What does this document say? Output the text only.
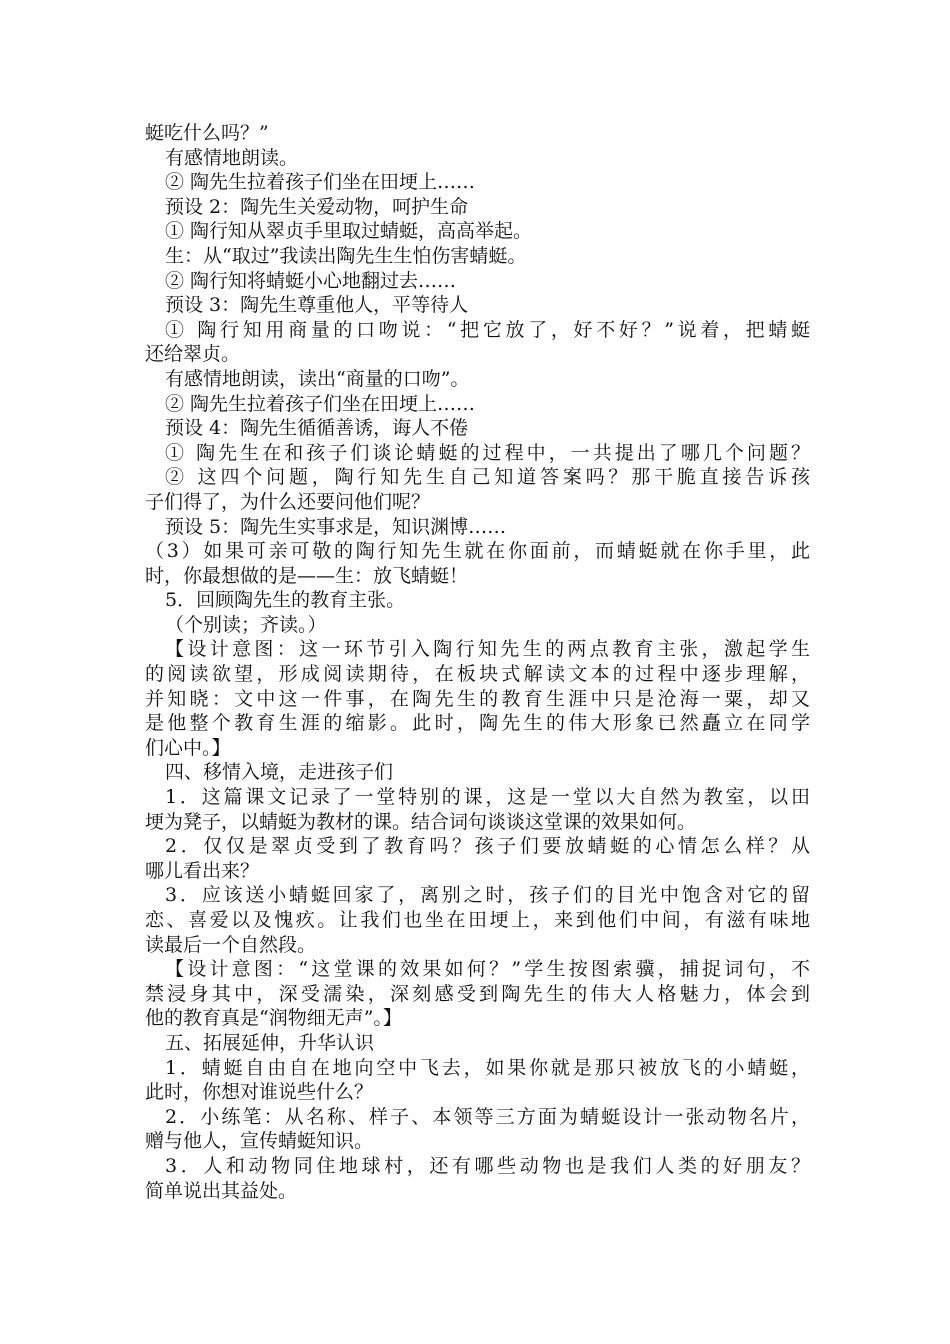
蜓吃什么吗？”
有感情地朗读。
② 陶先生拉着孩子们坐在田埂上……
预设 2：陶先生关爱动物，呵护生命
① 陶行知从翠贞手里取过蜻蜓，高高举起。
生：从“取过”我读出陶先生生怕伤害蜻蜓。
② 陶行知将蜻蜓小心地翻过去……
预设 3：陶先生尊重他人，平等待人
① 陶行知用商量的口吻说：“把它放了，好不好？”说着，把蜻蜓
还给翠贞。
有感情地朗读，读出“商量的口吻”。
② 陶先生拉着孩子们坐在田埂上……
预设 4：陶先生循循善诱，诲人不倦
① 陶先生在和孩子们谈论蜻蜓的过程中，一共提出了哪几个问题？
② 这四个问题，陶行知先生自己知道答案吗？那干脆直接告诉孩
子们得了，为什么还要问他们呢？
预设 5：陶先生实事求是，知识渊博……
（3）如果可亲可敬的陶行知先生就在你面前，而蜻蜓就在你手里，此
时，你最想做的是——生：放飞蜻蜓！
5．回顾陶先生的教育主张。
（个别读；齐读。）
【设计意图：这一环节引入陶行知先生的两点教育主张，激起学生
的阅读欲望，形成阅读期待，在板块式解读文本的过程中逐步理解，
并知晓：文中这一件事，在陶先生的教育生涯中只是沧海一粟，却又
是他整个教育生涯的缩影。此时，陶先生的伟大形象已然矗立在同学
们心中。】
四、移情入境，走进孩子们
1．这篇课文记录了一堂特别的课，这是一堂以大自然为教室，以田
埂为凳子，以蜻蜓为教材的课。结合词句谈谈这堂课的效果如何。
2．仅仅是翠贞受到了教育吗？孩子们要放蜻蜓的心情怎么样？从
哪儿看出来？
3．应该送小蜻蜓回家了，离别之时，孩子们的目光中饱含对它的留
恋、喜爱以及愧疚。让我们也坐在田埂上，来到他们中间，有滋有味地
读最后一个自然段。
【设计意图：“这堂课的效果如何？”学生按图索骥，捕捉词句，不
禁浸身其中，深受濡染，深刻感受到陶先生的伟大人格魅力，体会到
他的教育真是“润物细无声”。】
五、拓展延伸，升华认识
1．蜻蜓自由自在地向空中飞去，如果你就是那只被放飞的小蜻蜓，
此时，你想对谁说些什么？
2．小练笔：从名称、样子、本领等三方面为蜻蜓设计一张动物名片，
赠与他人，宣传蜻蜓知识。
3．人和动物同住地球村，还有哪些动物也是我们人类的好朋友？
简单说出其益处。
